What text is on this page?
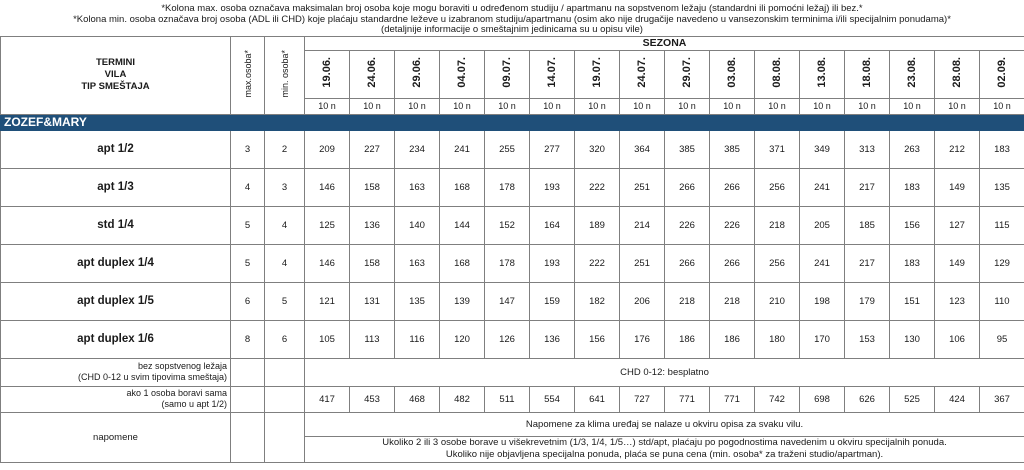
*Kolona max. osoba označava maksimalan broj osoba koje mogu boraviti u određenom studiju / apartmanu na sopstvenom ležaju (standardni ili pomoćni ležaj) ili bez.*
*Kolona min. osoba označava broj osoba (ADL ili CHD) koje plaćaju standardne leževe u izabranom studiju/apartmanu (osim ako nije drugačije navedeno u vansezonskim terminima i/ili specijalnim ponudama)*
(detaljnije informacije o smeštajnim jedinicama su u opisu vile)
TERMINI
VILA
TIP SMEŠTAJA	max.osoba*	min. osoba*	SEZONA															
			19.06.	24.06.	29.06.	04.07.	09.07.	14.07.	19.07.	24.07.	29.07.	03.08.	08.08.	13.08.	18.08.	23.08.	28.08.	02.09.
			10 n	10 n	10 n	10 n	10 n	10 n	10 n	10 n	10 n	10 n	10 n	10 n	10 n	10 n	10 n	10 n
ZOZEF&MARY																		
apt 1/2	3	2	209	227	234	241	255	277	320	364	385	385	371	349	313	263	212	183
apt 1/3	4	3	146	158	163	168	178	193	222	251	266	266	256	241	217	183	149	135
std 1/4	5	4	125	136	140	144	152	164	189	214	226	226	218	205	185	156	127	115
apt duplex 1/4	5	4	146	158	163	168	178	193	222	251	266	266	256	241	217	183	149	129
apt duplex 1/5	6	5	121	131	135	139	147	159	182	206	218	218	210	198	179	151	123	110
apt duplex 1/6	8	6	105	113	116	120	126	136	156	176	186	186	180	170	153	130	106	95

bez sopstvenog ležaja
(CHD 0-12 u svim tipovima smeštaja)			CHD 0-12: besplatno															

ako 1 osoba boravi sama
(samo u apt 1/2)			417	453	468	482	511	554	641	727	771	771	742	698	626	525	424	367
napomene			Napomene za klima uređaj se nalaze u okviru opisa za svaku vilu.															

			Ukoliko 2 ili 3 osobe borave u višekrevetnim (1/3, 1/4, 1/5…) std/apt, plaćaju po pogodnostima navedenim u okviru specijalnih ponuda.
Ukoliko nije objavljena specijalna ponuda, plaća se puna cena (min. osoba* za traženi studio/apartman).															
